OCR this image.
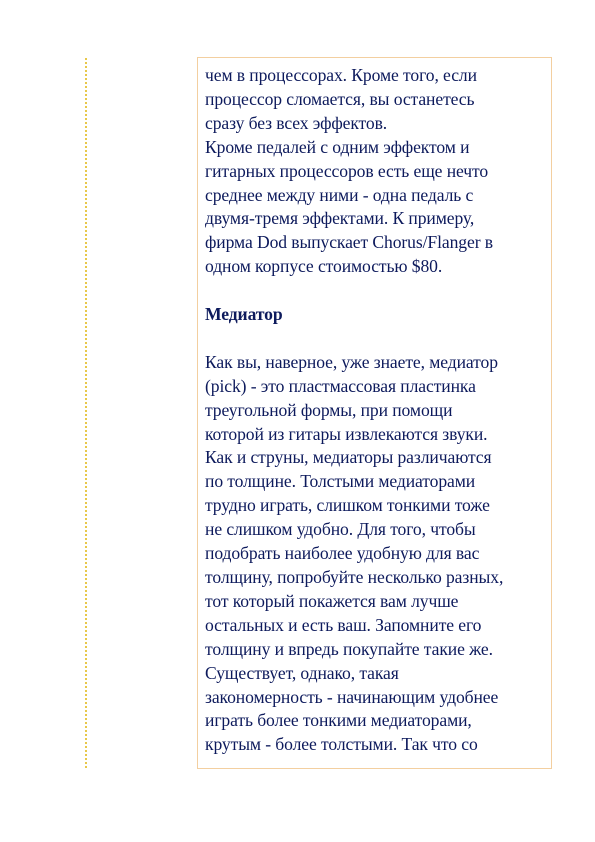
чем в процессорах. Кроме того, если
процессор сломается, вы останетесь
сразу без всех эффектов.
Кроме педалей с одним эффектом и
гитарных процессоров есть еще нечто
среднее между ними - одна педаль с
двумя-тремя эффектами. К примеру,
фирма Dod выпускает Chorus/Flanger в
одном корпусе стоимостью $80.
Медиатор
Как вы, наверное, уже знаете, медиатор
(pick) - это пластмассовая пластинка
треугольной формы, при помощи
которой из гитары извлекаются звуки.
Как и струны, медиаторы различаются
по толщине. Толстыми медиаторами
трудно играть, слишком тонкими тоже
не слишком удобно. Для того, чтобы
подобрать наиболее удобную для вас
толщину, попробуйте несколько разных,
тот который покажется вам лучше
остальных и есть ваш. Запомните его
толщину и впредь покупайте такие же.
Существует, однако, такая
закономерность - начинающим удобнее
играть более тонкими медиаторами,
крутым - более толстыми. Так что со
